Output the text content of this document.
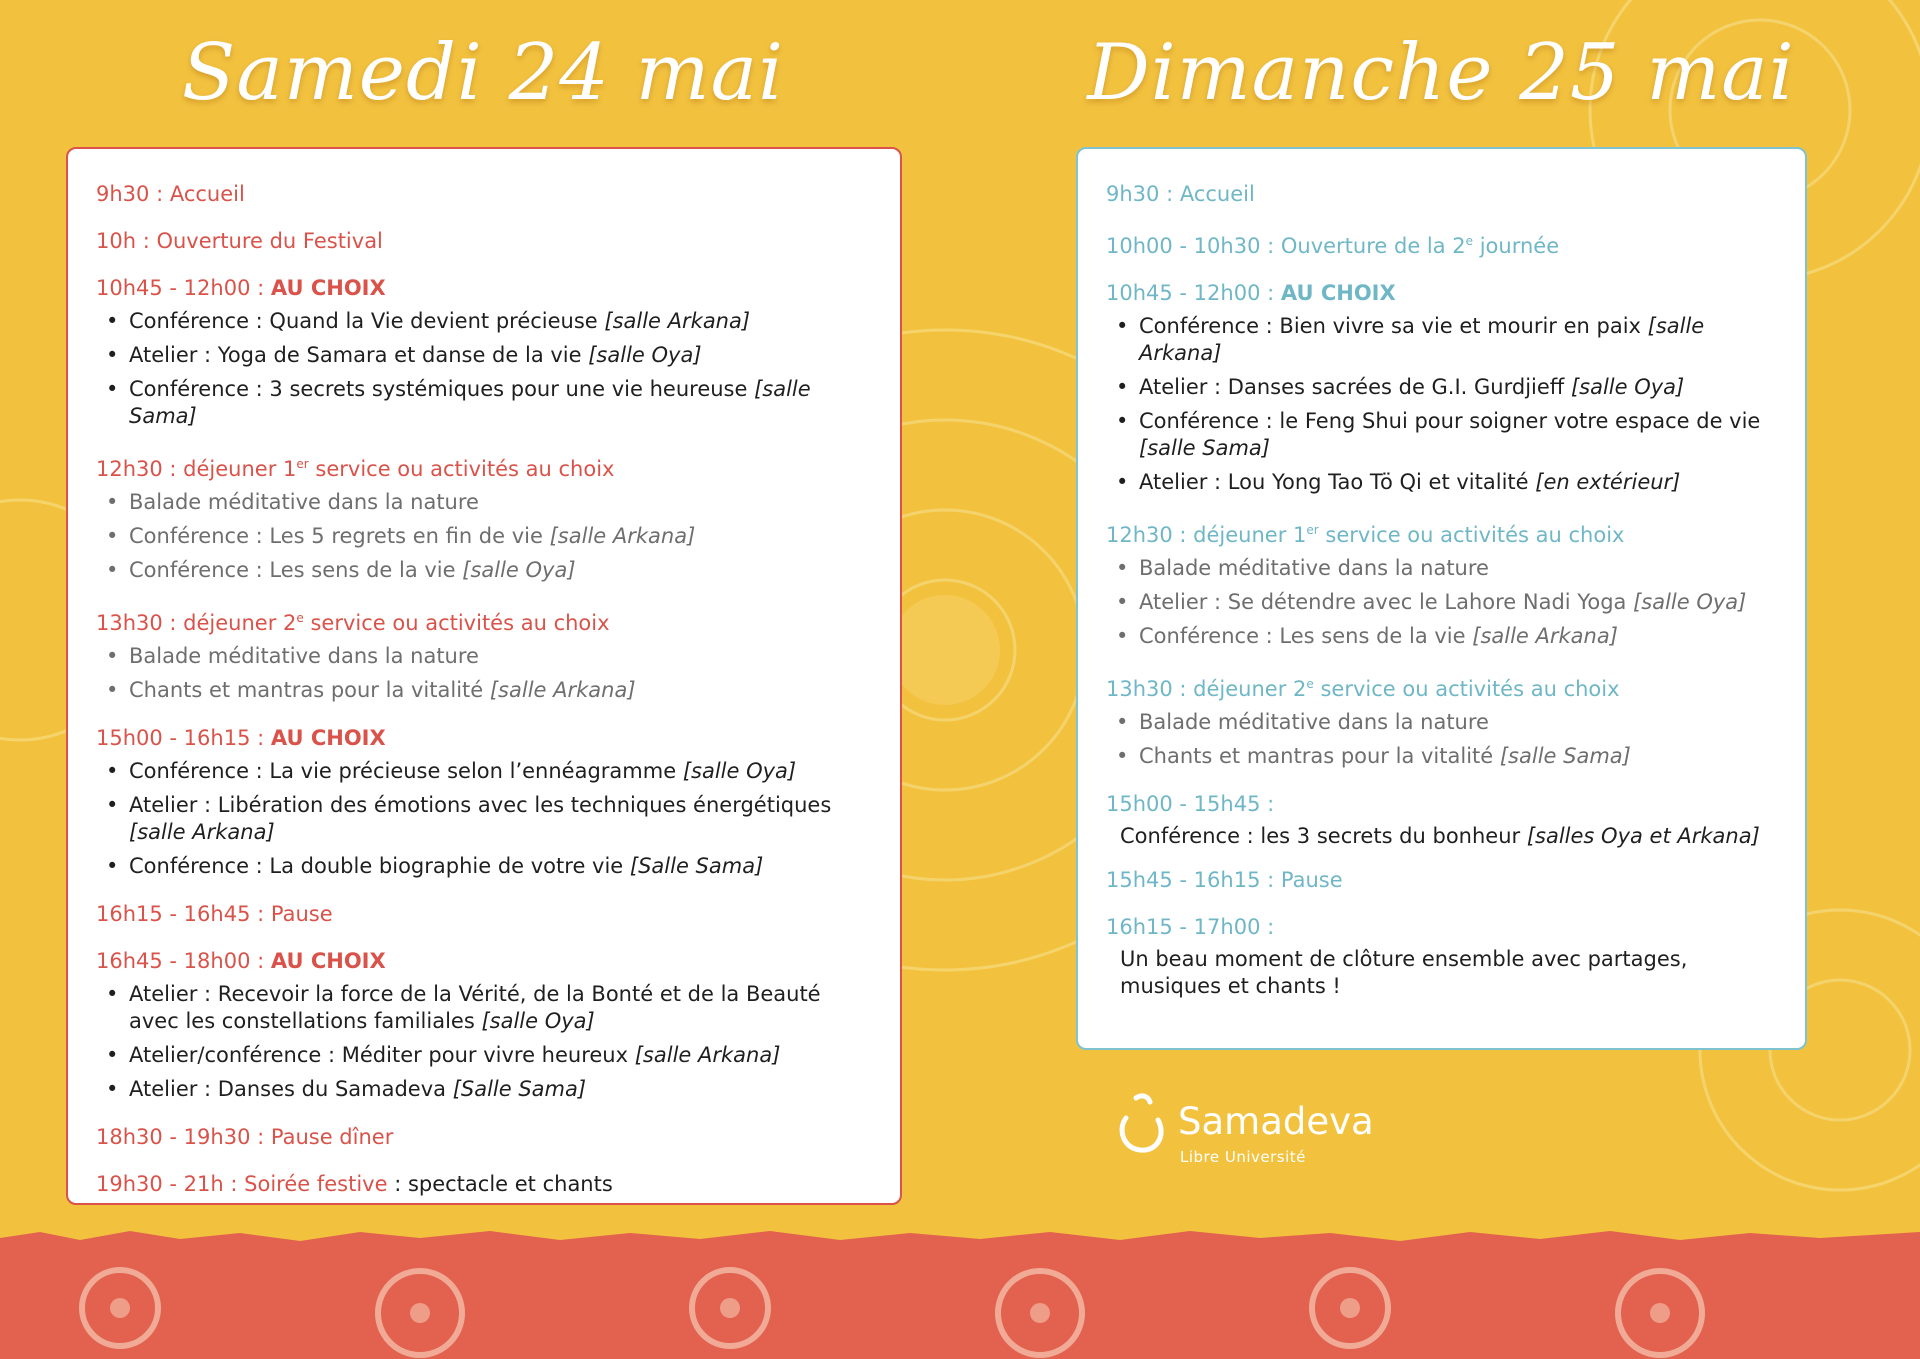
Samedi 24 mai	Dimanche 25 mai
9h30 : Accueil
10h : Ouverture du Festival
10h45 - 12h00 : AU CHOIX
• Conférence : Quand la Vie devient précieuse [salle Arkana]
• Atelier : Yoga de Samara et danse de la vie [salle Oya]
• Conférence : 3 secrets systémiques pour une vie heureuse [salle Sama]
12h30 : déjeuner 1er service ou activités au choix
• Balade méditative dans la nature
• Conférence : Les 5 regrets en fin de vie [salle Arkana]
• Conférence : Les sens de la vie [salle Oya]
13h30 : déjeuner 2e service ou activités au choix
• Balade méditative dans la nature
• Chants et mantras pour la vitalité [salle Arkana]
15h00 - 16h15 : AU CHOIX
• Conférence : La vie précieuse selon l’ennéagramme [salle Oya]
• Atelier : Libération des émotions avec les techniques énergétiques [salle Arkana]
• Conférence : La double biographie de votre vie [Salle Sama]
16h15 - 16h45 : Pause
16h45 - 18h00 : AU CHOIX
• Atelier : Recevoir la force de la Vérité, de la Bonté et de la Beauté avec les constellations familiales [salle Oya]
• Atelier/conférence : Méditer pour vivre heureux [salle Arkana]
• Atelier : Danses du Samadeva [Salle Sama]
18h30 - 19h30 : Pause dîner
19h30 - 21h : Soirée festive : spectacle et chants
9h30 : Accueil
10h00 - 10h30 : Ouverture de la 2e journée
10h45 - 12h00 : AU CHOIX
• Conférence : Bien vivre sa vie et mourir en paix [salle Arkana]
• Atelier : Danses sacrées de G.I. Gurdjieff [salle Oya]
• Conférence : le Feng Shui pour soigner votre espace de vie [salle Sama]
• Atelier : Lou Yong Tao Tö Qi et vitalité [en extérieur]
12h30 : déjeuner 1er service ou activités au choix
• Balade méditative dans la nature
• Atelier : Se détendre avec le Lahore Nadi Yoga [salle Oya]
• Conférence : Les sens de la vie [salle Arkana]
13h30 : déjeuner 2e service ou activités au choix
• Balade méditative dans la nature
• Chants et mantras pour la vitalité [salle Sama]
15h00 - 15h45 :
Conférence : les 3 secrets du bonheur [salles Oya et Arkana]
15h45 - 16h15 : Pause
16h15 - 17h00 :
Un beau moment de clôture ensemble avec partages, musiques et chants !
Samadeva
Libre Université
